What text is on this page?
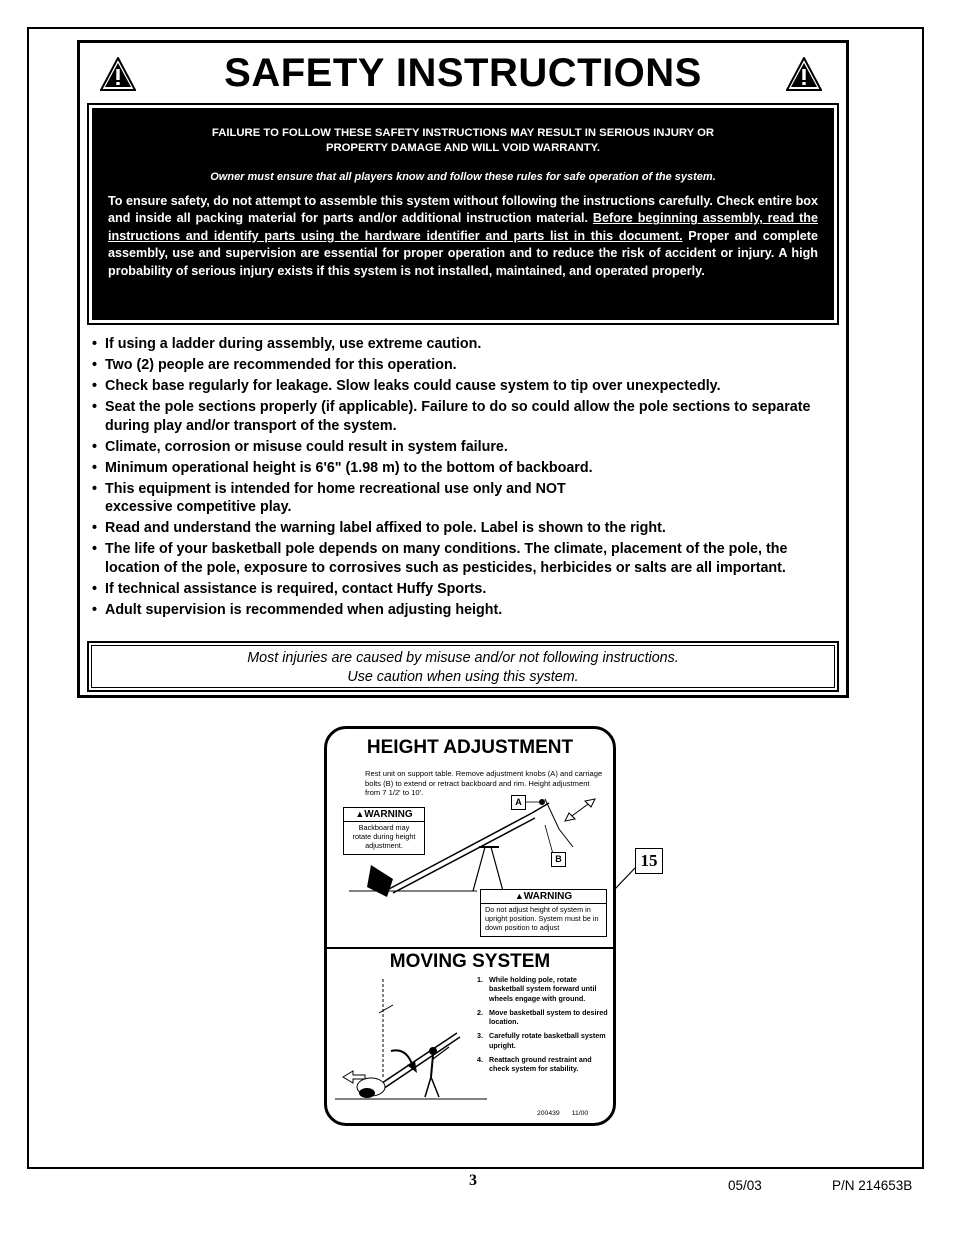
SAFETY INSTRUCTIONS
FAILURE TO FOLLOW THESE SAFETY INSTRUCTIONS MAY RESULT IN SERIOUS INJURY OR
PROPERTY DAMAGE AND WILL VOID WARRANTY.
Owner must ensure that all players know and follow these rules for safe operation of the system.
To ensure safety, do not attempt to assemble this system without following the instructions carefully. Check entire box and inside all packing material for parts and/or additional instruction material. Before beginning assembly, read the instructions and identify parts using the hardware identifier and parts list in this document. Proper and complete assembly, use and supervision are essential for proper operation and to reduce the risk of accident or injury. A high probability of serious injury exists if this system is not installed, maintained, and operated properly.
• If using a ladder during assembly, use extreme caution.
• Two (2) people are recommended for this operation.
• Check base regularly for leakage. Slow leaks could cause system to tip over unexpectedly.
• Seat the pole sections properly (if applicable). Failure to do so could allow the pole sections to separate during play and/or transport of the system.
• Climate, corrosion or misuse could result in system failure.
• Minimum operational height is 6'6" (1.98 m) to the bottom of backboard.
• This equipment is intended for home recreational use only and NOT excessive competitive play.
• Read and understand the warning label affixed to pole. Label is shown to the right.
• The life of your basketball pole depends on many conditions. The climate, placement of the pole, the location of the pole, exposure to corrosives such as pesticides, herbicides or salts are all important.
• If technical assistance is required, contact Huffy Sports.
• Adult supervision is recommended when adjusting height.
Most injuries are caused by misuse and/or not following instructions.
Use caution when using this system.
HEIGHT ADJUSTMENT
Rest unit on support table. Remove adjustment knobs (A) and carriage bolts (B) to extend or retract backboard and rim. Height adjustment from 7 1/2' to 10'.
A
B
▲WARNING
Backboard may rotate during height adjustment.
▲WARNING
Do not adjust height of system in upright position. System must be in down position to adjust
MOVING SYSTEM
1. While holding pole, rotate basketball system forward until wheels engage with ground.
2. Move basketball system to desired location.
3. Carefully rotate basketball system upright.
4. Reattach ground restraint and check system for stability.
200439 11/00
15
3	05/03	P/N 214653B
